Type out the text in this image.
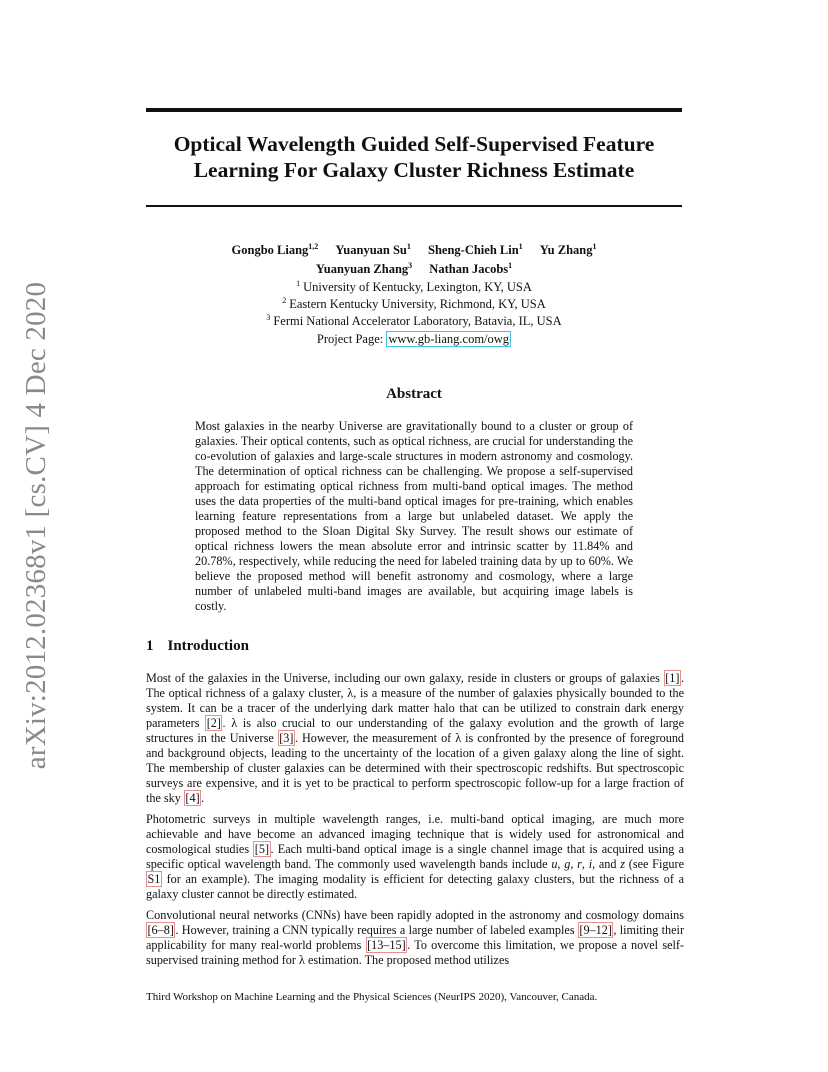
arXiv:2012.02368v1 [cs.CV] 4 Dec 2020
Optical Wavelength Guided Self-Supervised Feature
Learning For Galaxy Cluster Richness Estimate
Gongbo Liang$^{1,2}$ Yuanyuan Su$^1$ Sheng-Chieh Lin$^1$ Yu Zhang$^1$
Yuanyuan Zhang$^3$ Nathan Jacobs$^1$
$^1$ University of Kentucky, Lexington, KY, USA
$^2$ Eastern Kentucky University, Richmond, KY, USA
$^3$ Fermi National Accelerator Laboratory, Batavia, IL, USA
Project Page: www.gb-liang.com/owg
Abstract

Most galaxies in the nearby Universe are gravitationally bound to a cluster or group of galaxies. Their optical contents, such as optical richness, are crucial for understanding the co-evolution of galaxies and large-scale structures in modern astronomy and cosmology. The determination of optical richness can be challenging. We propose a self-supervised approach for estimating optical richness from multi-band optical images. The method uses the data properties of the multi-band optical images for pre-training, which enables learning feature representations from a large but unlabeled dataset. We apply the proposed method to the Sloan Digital Sky Survey. The result shows our estimate of optical richness lowers the mean absolute error and intrinsic scatter by 11.84% and 20.78%, respectively, while reducing the need for labeled training data by up to 60%. We believe the proposed method will benefit astronomy and cosmology, where a large number of unlabeled multi-band images are available, but acquiring image labels is costly.

1 Introduction

Most of the galaxies in the Universe, including our own galaxy, reside in clusters or groups of galaxies [1] . The optical richness of a galaxy cluster, λ, is a measure of the number of galaxies physically bounded to the system. It can be a tracer of the underlying dark matter halo that can be utilized to constrain dark energy parameters [2] . λ is also crucial to our understanding of the galaxy evolution and the growth of large structures in the Universe [3] . However, the measurement of λ is confronted by the presence of foreground and background objects, leading to the uncertainty of the location of a given galaxy along the line of sight. The membership of cluster galaxies can be determined with their spectroscopic redshifts. But spectroscopic surveys are expensive, and it is yet to be practical to perform spectroscopic follow-up for a large fraction of the sky [4] .

Photometric surveys in multiple wavelength ranges, i.e. multi-band optical imaging, are much more achievable and have become an advanced imaging technique that is widely used for astronomical and cosmological studies [5] . Each multi-band optical image is a single channel image that is acquired using a specific optical wavelength band. The commonly used wavelength bands include u, g, r, i, and z (see Figure S1 for an example). The imaging modality is efficient for detecting galaxy clusters, but the richness of a galaxy cluster cannot be directly estimated.

Convolutional neural networks (CNNs) have been rapidly adopted in the astronomy and cosmology domains [6–8] . However, training a CNN typically requires a large number of labeled examples [9–12] , limiting their applicability for many real-world problems [13–15] . To overcome this limitation, we propose a novel self-supervised training method for λ estimation. The proposed method utilizes

Third Workshop on Machine Learning and the Physical Sciences (NeurIPS 2020), Vancouver, Canada.
